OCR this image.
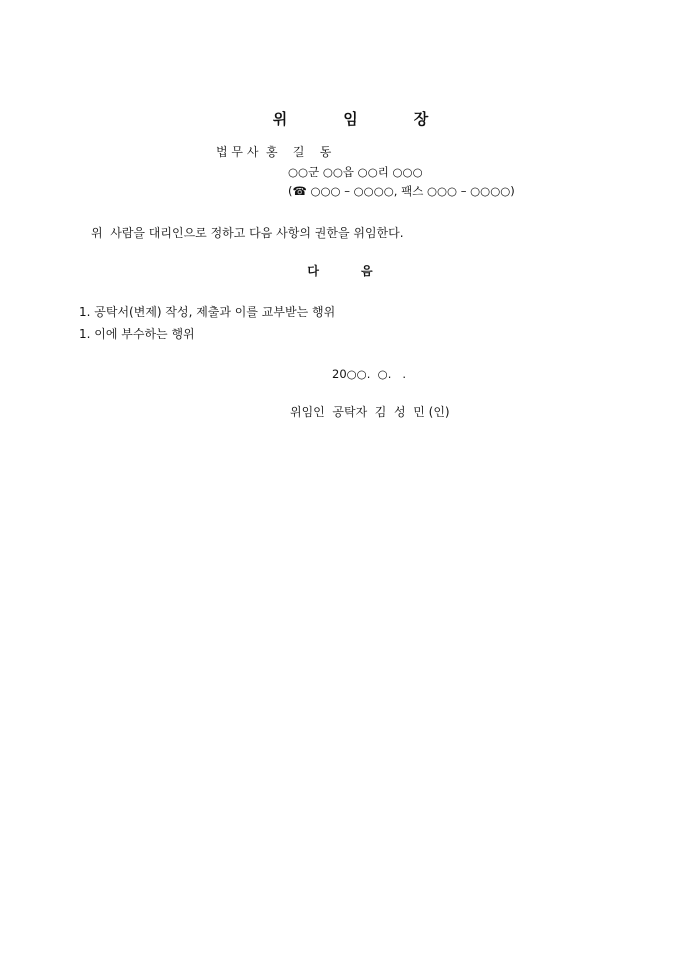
위	임	장

법 무 사  홍    길    동
○○군 ○○읍 ○○리 ○○○
(☎ ○○○ – ○○○○, 팩스 ○○○ – ○○○○)
위  사람을 대리인으로 정하고 다음 사항의 권한을 위임한다.
다	음
1. 공탁서(변제) 작성, 제출과 이를 교부받는 행위
1. 이에 부수하는 행위
20○○.  ○.   .
위임인  공탁자  김  성  민 (인)
